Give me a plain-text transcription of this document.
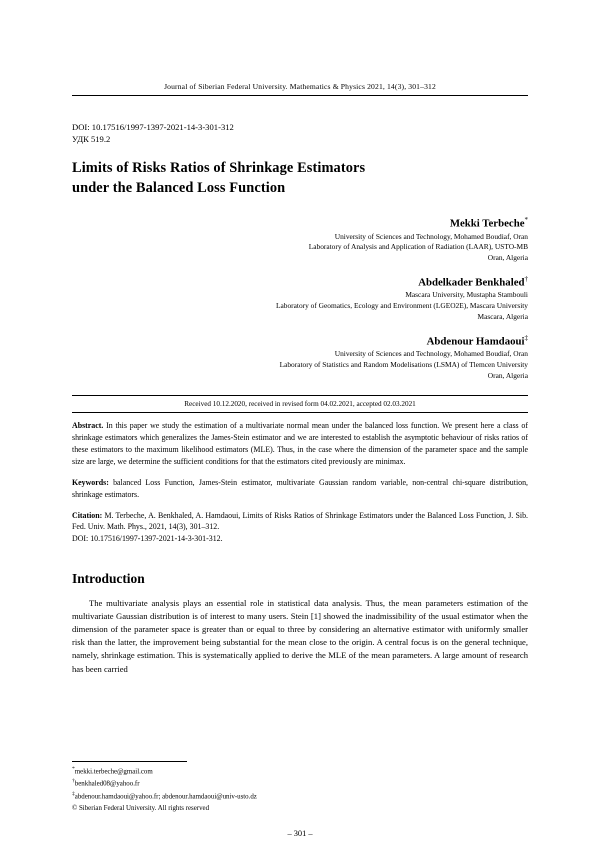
Journal of Siberian Federal University. Mathematics & Physics 2021, 14(3), 301–312
DOI: 10.17516/1997-1397-2021-14-3-301-312
УДК 519.2
Limits of Risks Ratios of Shrinkage Estimators
under the Balanced Loss Function
Mekki Terbeche*
University of Sciences and Technology, Mohamed Boudiaf, Oran
Laboratory of Analysis and Application of Radiation (LAAR), USTO-MB
Oran, Algeria
Abdelkader Benkhaled†
Mascara University, Mustapha Stambouli
Laboratory of Geomatics, Ecology and Environment (LGEO2E), Mascara University
Mascara, Algeria
Abdenour Hamdaoui‡
University of Sciences and Technology, Mohamed Boudiaf, Oran
Laboratory of Statistics and Random Modelisations (LSMA) of Tlemcen University
Oran, Algeria
Received 10.12.2020, received in revised form 04.02.2021, accepted 02.03.2021

Abstract. In this paper we study the estimation of a multivariate normal mean under the balanced loss function. We present here a class of shrinkage estimators which generalizes the James-Stein estimator and we are interested to establish the asymptotic behaviour of risks ratios of these estimators to the maximum likelihood estimators (MLE). Thus, in the case where the dimension of the parameter space and the sample size are large, we determine the sufficient conditions for that the estimators cited previously are minimax.

Keywords: balanced Loss Function, James-Stein estimator, multivariate Gaussian random variable, non-central chi-square distribution, shrinkage estimators.

Citation: M. Terbeche, A. Benkhaled, A. Hamdaoui, Limits of Risks Ratios of Shrinkage Estimators under the Balanced Loss Function, J. Sib. Fed. Univ. Math. Phys., 2021, 14(3), 301–312.
DOI: 10.17516/1997-1397-2021-14-3-301-312.

Introduction

The multivariate analysis plays an essential role in statistical data analysis. Thus, the mean parameters estimation of the multivariate Gaussian distribution is of interest to many users. Stein [1] showed the inadmissibility of the usual estimator when the dimension of the parameter space is greater than or equal to three by considering an alternative estimator with uniformly smaller risk than the latter, the improvement being substantial for the mean close to the origin. A central focus is on the general technique, namely, shrinkage estimation. This is systematically applied to derive the MLE of the mean parameters. A large amount of research has been carried

*mekki.terbeche@gmail.com
†benkhaled08@yahoo.fr
‡abdenour.hamdaoui@yahoo.fr; abdenour.hamdaoui@univ-usto.dz
© Siberian Federal University. All rights reserved
– 301 –
